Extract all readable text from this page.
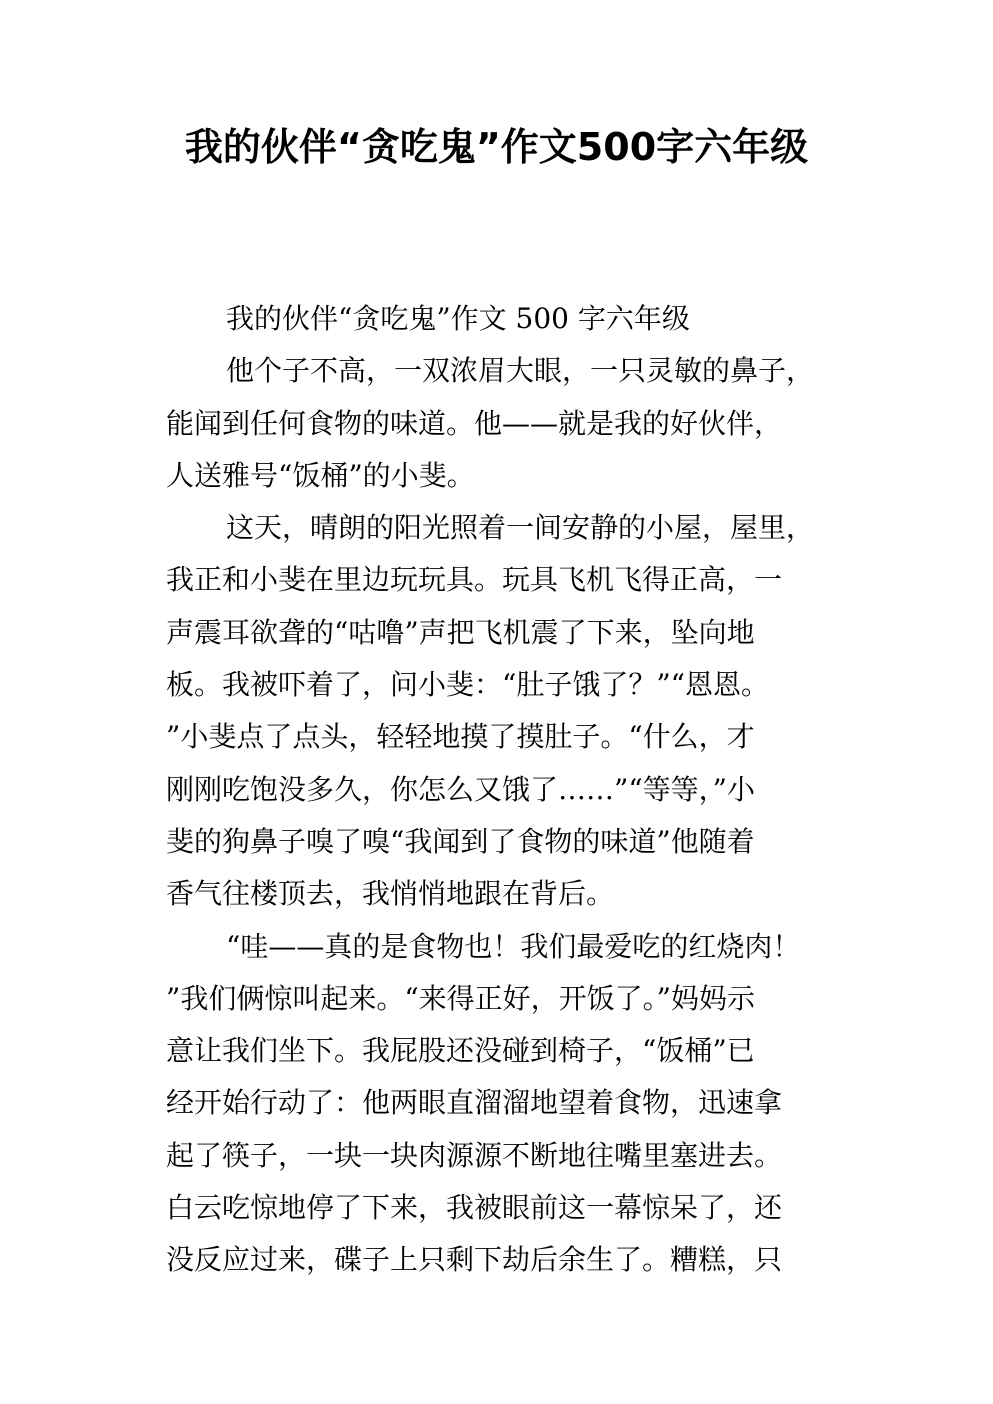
我的伙伴“贪吃鬼”作文500字六年级
我的伙伴“贪吃鬼”作文 500 字六年级
他个子不高，一双浓眉大眼，一只灵敏的鼻子，
能闻到任何食物的味道。他——就是我的好伙伴，
人送雅号“饭桶”的小斐。
这天，晴朗的阳光照着一间安静的小屋，屋里，
我正和小斐在里边玩玩具。玩具飞机飞得正高，一
声震耳欲聋的“咕噜”声把飞机震了下来，坠向地
板。我被吓着了，问小斐：“肚子饿了？”“恩恩。
”小斐点了点头，轻轻地摸了摸肚子。“什么，才
刚刚吃饱没多久，你怎么又饿了……”“等等，”小
斐的狗鼻子嗅了嗅“我闻到了食物的味道”他随着
香气往楼顶去，我悄悄地跟在背后。
“哇——真的是食物也！我们最爱吃的红烧肉！
”我们俩惊叫起来。“来得正好，开饭了。”妈妈示
意让我们坐下。我屁股还没碰到椅子，“饭桶”已
经开始行动了：他两眼直溜溜地望着食物，迅速拿
起了筷子，一块一块肉源源不断地往嘴里塞进去。
白云吃惊地停了下来，我被眼前这一幕惊呆了，还
没反应过来，碟子上只剩下劫后余生了。糟糕，只
